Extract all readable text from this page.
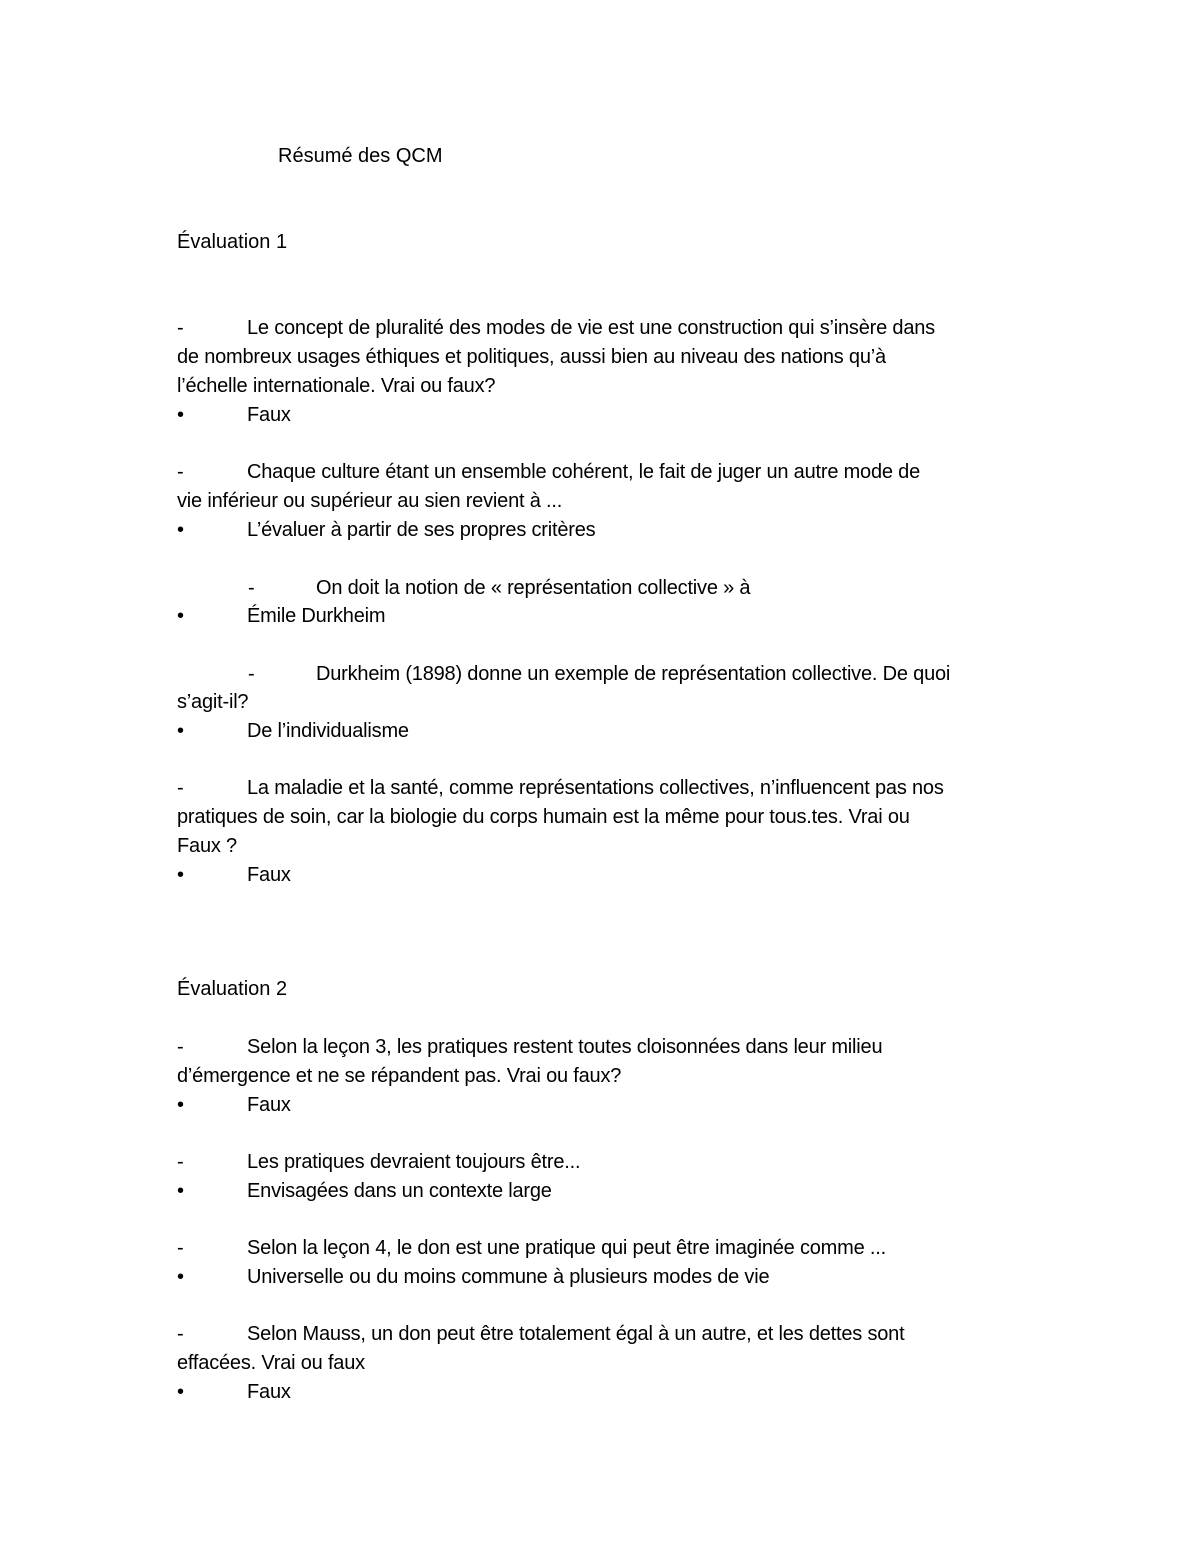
Résumé des QCM
Évaluation 1
-	Le concept de pluralité des modes de vie est une construction qui s’insère dans
de nombreux usages éthiques et politiques, aussi bien au niveau des nations qu’à
l’échelle internationale. Vrai ou faux?
•	Faux
-	Chaque culture étant un ensemble cohérent, le fait de juger un autre mode de
vie inférieur ou supérieur au sien revient à ...
•	L’évaluer à partir de ses propres critères
-	On doit la notion de « représentation collective » à
•	Émile Durkheim
-	Durkheim (1898) donne un exemple de représentation collective. De quoi
s’agit-il?
•	De l’individualisme
-	La maladie et la santé, comme représentations collectives, n’influencent pas nos
pratiques de soin, car la biologie du corps humain est la même pour tous.tes. Vrai ou
Faux ?
•	Faux
Évaluation 2
-	Selon la leçon 3, les pratiques restent toutes cloisonnées dans leur milieu
d’émergence et ne se répandent pas. Vrai ou faux?
•	Faux
-	Les pratiques devraient toujours être...
•	Envisagées dans un contexte large
-	Selon la leçon 4, le don est une pratique qui peut être imaginée comme ...
•	Universelle ou du moins commune à plusieurs modes de vie
-	Selon Mauss, un don peut être totalement égal à un autre, et les dettes sont
effacées. Vrai ou faux
•	Faux
